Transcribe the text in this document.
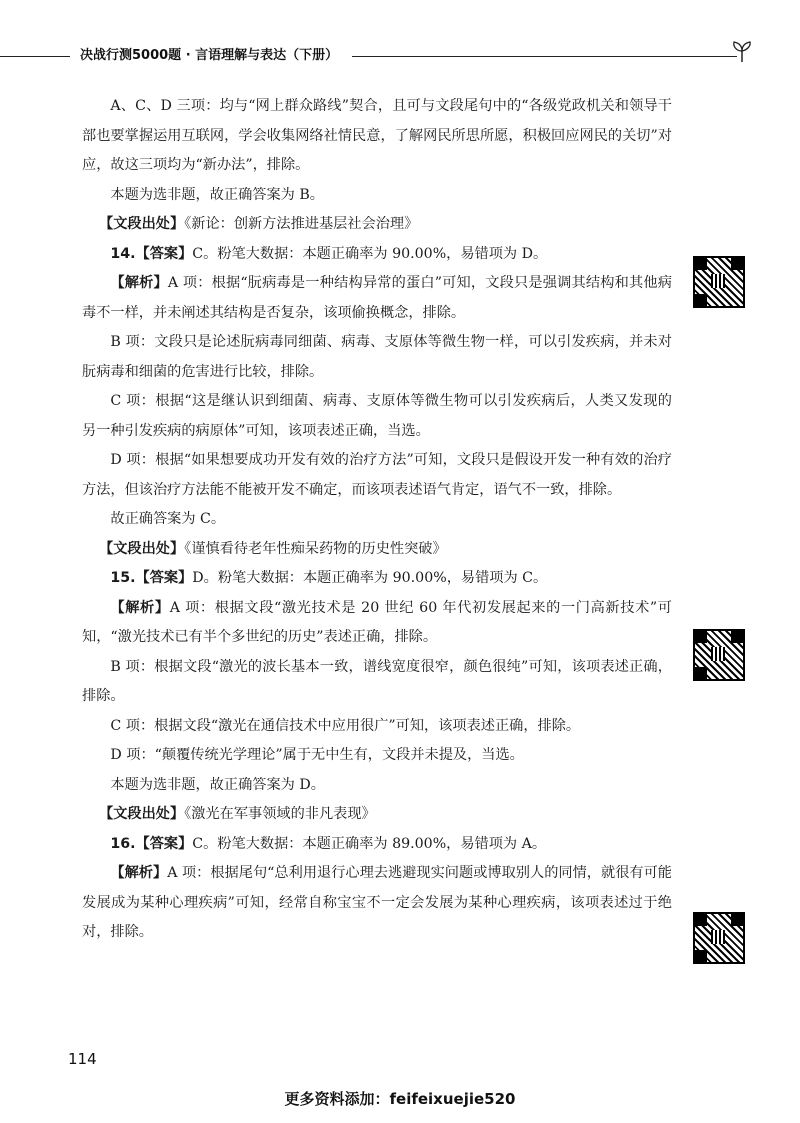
决战行测5000题 · 言语理解与表达（下册）

A、C、D 三项：均与“网上群众路线”契合，且可与文段尾句中的“各级党政机关和领导干部也要掌握运用互联网，学会收集网络社情民意，了解网民所思所愿，积极回应网民的关切”对应，故这三项均为“新办法”，排除。

本题为选非题，故正确答案为 B。

【文段出处】《新论：创新方法推进基层社会治理》

14.【答案】C。粉笔大数据：本题正确率为 90.00%，易错项为 D。

【解析】A 项：根据“朊病毒是一种结构异常的蛋白”可知，文段只是强调其结构和其他病毒不一样，并未阐述其结构是否复杂，该项偷换概念，排除。

B 项：文段只是论述朊病毒同细菌、病毒、支原体等微生物一样，可以引发疾病，并未对朊病毒和细菌的危害进行比较，排除。

C 项：根据“这是继认识到细菌、病毒、支原体等微生物可以引发疾病后，人类又发现的另一种引发疾病的病原体”可知，该项表述正确，当选。

D 项：根据“如果想要成功开发有效的治疗方法”可知，文段只是假设开发一种有效的治疗方法，但该治疗方法能不能被开发不确定，而该项表述语气肯定，语气不一致，排除。

故正确答案为 C。

【文段出处】《谨慎看待老年性痴呆药物的历史性突破》

15.【答案】D。粉笔大数据：本题正确率为 90.00%，易错项为 C。

【解析】A 项：根据文段“激光技术是 20 世纪 60 年代初发展起来的一门高新技术”可知，“激光技术已有半个多世纪的历史”表述正确，排除。

B 项：根据文段“激光的波长基本一致，谱线宽度很窄，颜色很纯”可知，该项表述正确，排除。

C 项：根据文段“激光在通信技术中应用很广”可知，该项表述正确，排除。

D 项：“颠覆传统光学理论”属于无中生有，文段并未提及，当选。

本题为选非题，故正确答案为 D。

【文段出处】《激光在军事领域的非凡表现》

16.【答案】C。粉笔大数据：本题正确率为 89.00%，易错项为 A。

【解析】A 项：根据尾句“总利用退行心理去逃避现实问题或博取别人的同情，就很有可能发展成为某种心理疾病”可知，经常自称宝宝不一定会发展为某种心理疾病，该项表述过于绝对，排除。

114
更多资料添加：feifeixuejie520
